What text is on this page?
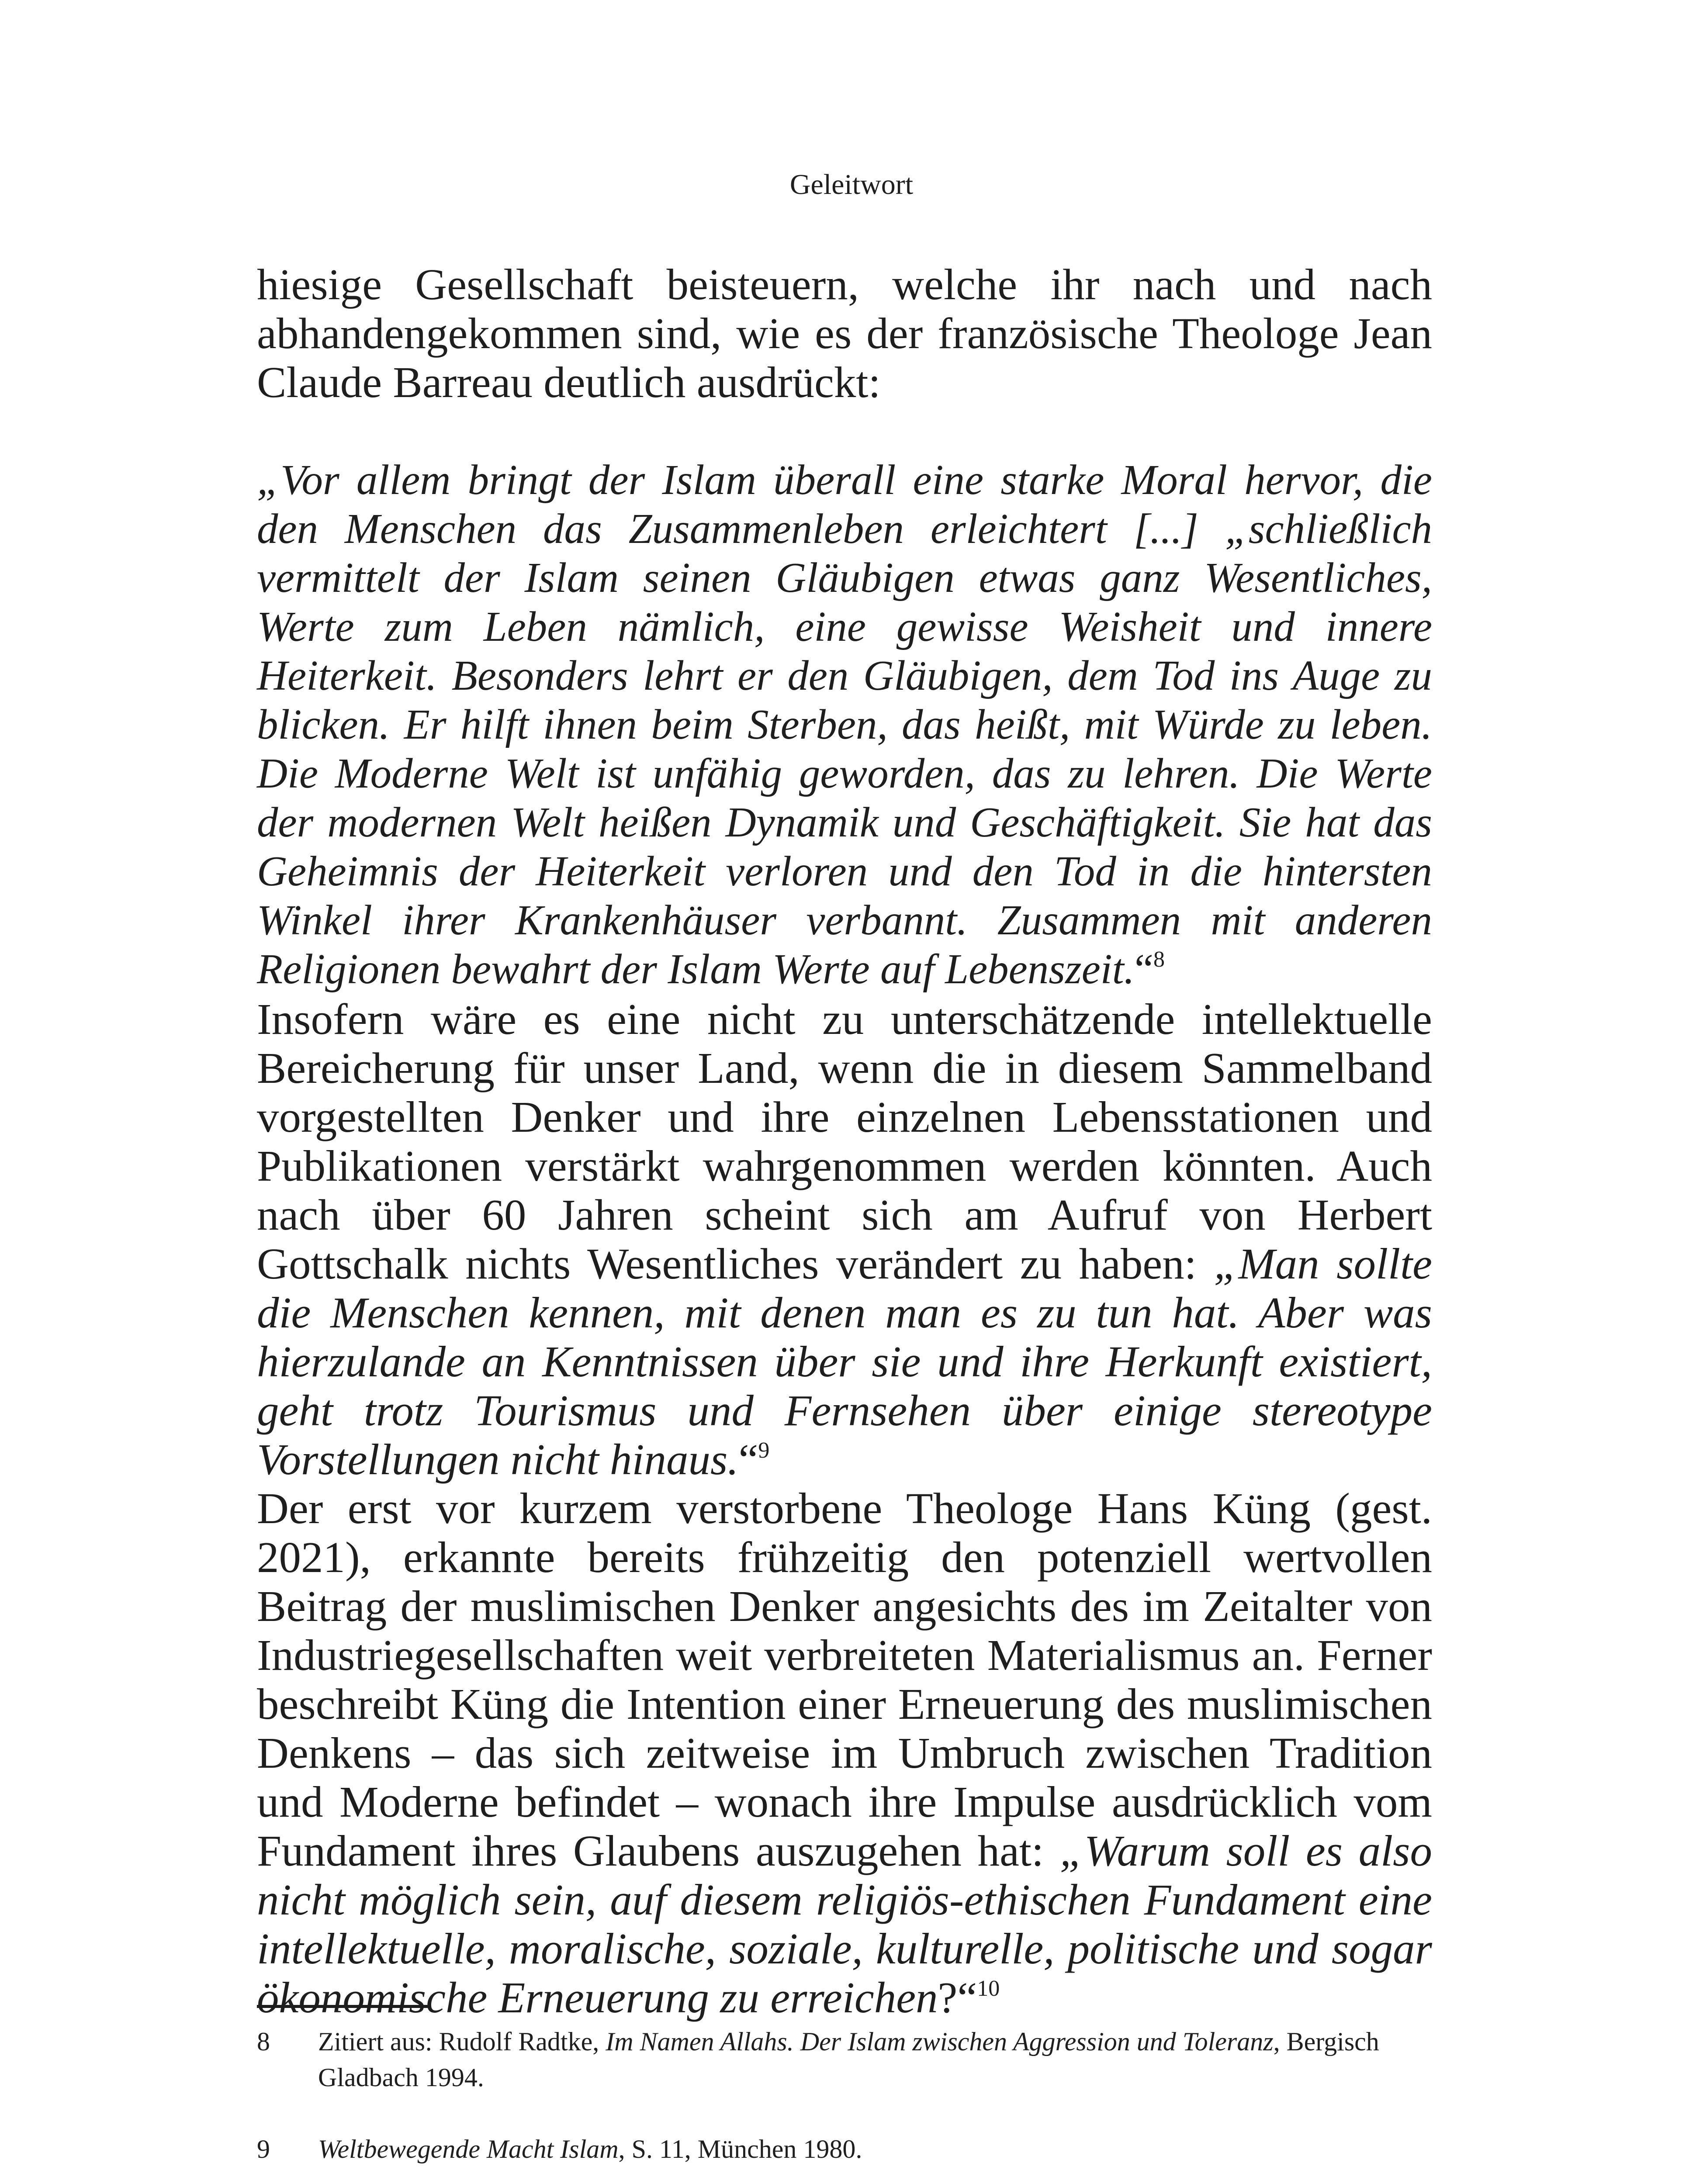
Geleitwort

hiesige Gesellschaft beisteuern, welche ihr nach und nach abhandengekommen sind, wie es der französische Theologe Jean Claude Barreau deutlich ausdrückt:

„Vor allem bringt der Islam überall eine starke Moral hervor, die den Menschen das Zusammenleben erleichtert [...] „schließlich vermittelt der Islam seinen Gläubigen etwas ganz Wesentliches, Werte zum Leben nämlich, eine gewisse Weisheit und innere Heiterkeit. Besonders lehrt er den Gläubigen, dem Tod ins Auge zu blicken. Er hilft ihnen beim Sterben, das heißt, mit Würde zu leben. Die Moderne Welt ist unfähig geworden, das zu lehren. Die Werte der modernen Welt heißen Dynamik und Geschäftigkeit. Sie hat das Geheimnis der Heiterkeit verloren und den Tod in die hintersten Winkel ihrer Krankenhäuser verbannt. Zusammen mit anderen Religionen bewahrt der Islam Werte auf Lebenszeit.“$^8$

Insofern wäre es eine nicht zu unterschätzende intellektuelle Bereicherung für unser Land, wenn die in diesem Sammelband vorgestellten Denker und ihre einzelnen Lebensstationen und Publikationen verstärkt wahrgenommen werden könnten. Auch nach über 60 Jahren scheint sich am Aufruf von Herbert Gottschalk nichts Wesentliches verändert zu haben: „Man sollte die Menschen kennen, mit denen man es zu tun hat. Aber was hierzulande an Kenntnissen über sie und ihre Herkunft existiert, geht trotz Tourismus und Fernsehen über einige stereotype Vorstellungen nicht hinaus.“$^9$

Der erst vor kurzem verstorbene Theologe Hans Küng (gest. 2021), erkannte bereits frühzeitig den potenziell wertvollen Beitrag der muslimischen Denker angesichts des im Zeitalter von Industriegesellschaften weit verbreiteten Materialismus an. Ferner beschreibt Küng die Intention einer Erneuerung des muslimischen Denkens – das sich zeitweise im Umbruch zwischen Tradition und Moderne befindet – wonach ihre Impulse ausdrücklich vom Fundament ihres Glaubens auszugehen hat: „Warum soll es also nicht möglich sein, auf diesem religiös-ethischen Fundament eine intellektuelle, moralische, soziale, kulturelle, politische und sogar ökonomische Erneuerung zu erreichen?“$^{10}$

8 Zitiert aus: Rudolf Radtke, Im Namen Allahs. Der Islam zwischen Aggression und Toleranz, Bergisch Gladbach 1994.

9 Weltbewegende Macht Islam, S. 11, München 1980.
